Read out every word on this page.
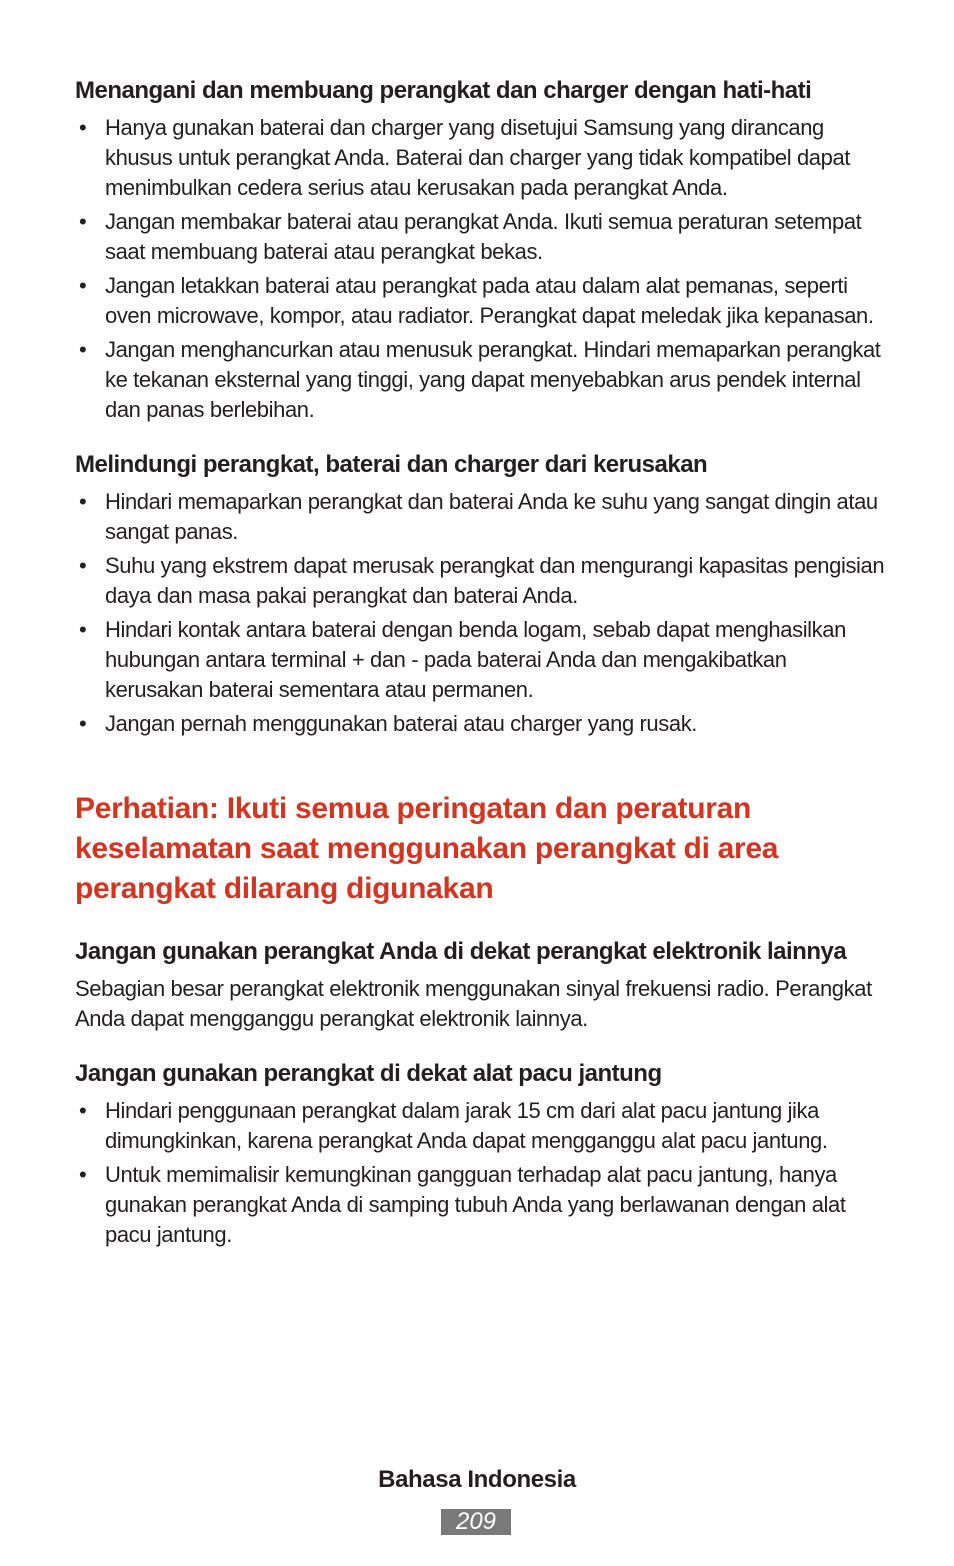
Menangani dan membuang perangkat dan charger dengan hati-hati
• Hanya gunakan baterai dan charger yang disetujui Samsung yang dirancang khusus untuk perangkat Anda. Baterai dan charger yang tidak kompatibel dapat menimbulkan cedera serius atau kerusakan pada perangkat Anda.
• Jangan membakar baterai atau perangkat Anda. Ikuti semua peraturan setempat saat membuang baterai atau perangkat bekas.
• Jangan letakkan baterai atau perangkat pada atau dalam alat pemanas, seperti oven microwave, kompor, atau radiator. Perangkat dapat meledak jika kepanasan.
• Jangan menghancurkan atau menusuk perangkat. Hindari memaparkan perangkat ke tekanan eksternal yang tinggi, yang dapat menyebabkan arus pendek internal dan panas berlebihan.
Melindungi perangkat, baterai dan charger dari kerusakan
• Hindari memaparkan perangkat dan baterai Anda ke suhu yang sangat dingin atau sangat panas.
• Suhu yang ekstrem dapat merusak perangkat dan mengurangi kapasitas pengisian daya dan masa pakai perangkat dan baterai Anda.
• Hindari kontak antara baterai dengan benda logam, sebab dapat menghasilkan hubungan antara terminal + dan - pada baterai Anda dan mengakibatkan kerusakan baterai sementara atau permanen.
• Jangan pernah menggunakan baterai atau charger yang rusak.
Perhatian: Ikuti semua peringatan dan peraturan keselamatan saat menggunakan perangkat di area perangkat dilarang digunakan
Jangan gunakan perangkat Anda di dekat perangkat elektronik lainnya

Sebagian besar perangkat elektronik menggunakan sinyal frekuensi radio. Perangkat Anda dapat mengganggu perangkat elektronik lainnya.

Jangan gunakan perangkat di dekat alat pacu jantung
• Hindari penggunaan perangkat dalam jarak 15 cm dari alat pacu jantung jika dimungkinkan, karena perangkat Anda dapat mengganggu alat pacu jantung.
• Untuk memimalisir kemungkinan gangguan terhadap alat pacu jantung, hanya gunakan perangkat Anda di samping tubuh Anda yang berlawanan dengan alat pacu jantung.
Bahasa Indonesia
209
